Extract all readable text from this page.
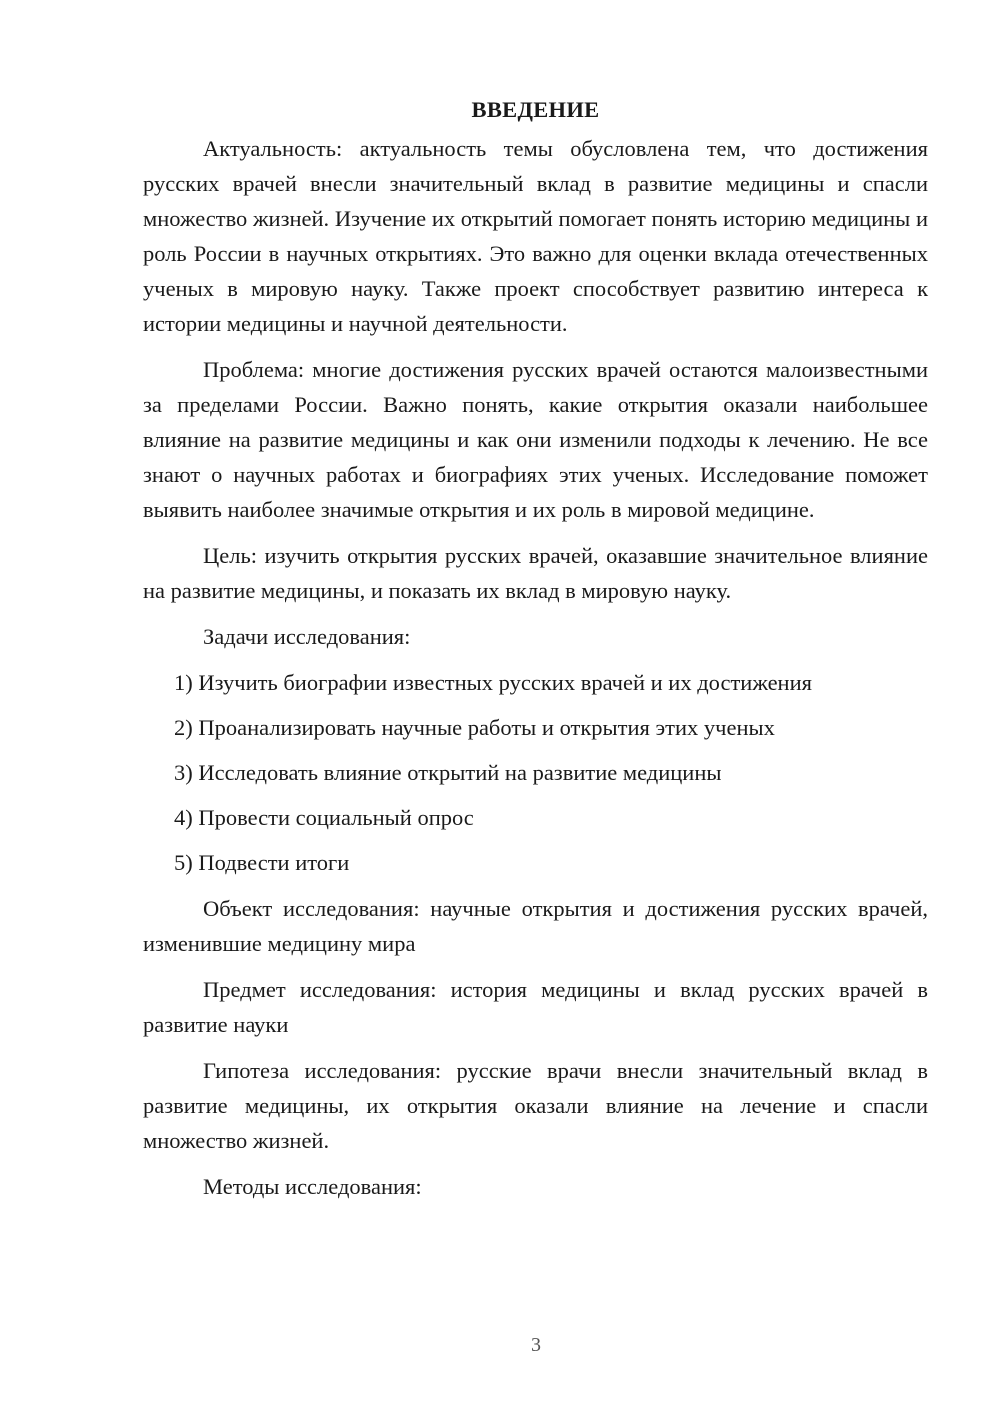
ВВЕДЕНИЕ

Актуальность: актуальность темы обусловлена тем, что достижения русских врачей внесли значительный вклад в развитие медицины и спасли множество жизней. Изучение их открытий помогает понять историю медицины и роль России в научных открытиях. Это важно для оценки вклада отечественных ученых в мировую науку. Также проект способствует развитию интереса к истории медицины и научной деятельности.

Проблема: многие достижения русских врачей остаются малоизвестными за пределами России. Важно понять, какие открытия оказали наибольшее влияние на развитие медицины и как они изменили подходы к лечению. Не все знают о научных работах и биографиях этих ученых. Исследование поможет выявить наиболее значимые открытия и их роль в мировой медицине.

Цель: изучить открытия русских врачей, оказавшие значительное влияние на развитие медицины, и показать их вклад в мировую науку.

Задачи исследования:

1) Изучить биографии известных русских врачей и их достижения
2) Проанализировать научные работы и открытия этих ученых
3) Исследовать влияние открытий на развитие медицины
4) Провести социальный опрос
5) Подвести итоги

Объект исследования: научные открытия и достижения русских врачей, изменившие медицину мира

Предмет исследования: история медицины и вклад русских врачей в развитие науки

Гипотеза исследования: русские врачи внесли значительный вклад в развитие медицины, их открытия оказали влияние на лечение и спасли множество жизней.

Методы исследования:

3
